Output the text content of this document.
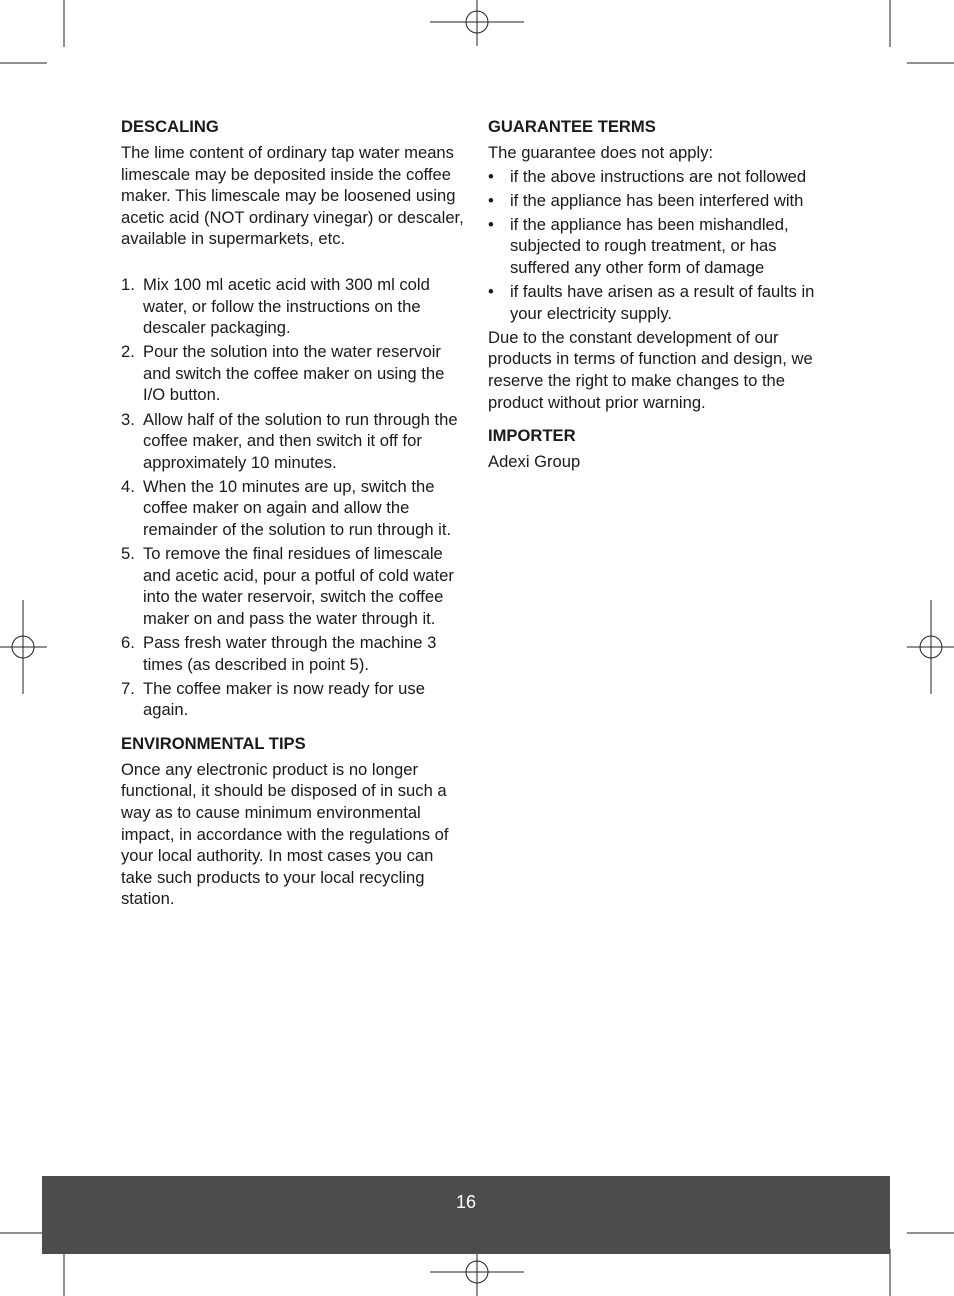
DESCALING

The lime content of ordinary tap water means limescale may be deposited inside the coffee maker. This limescale may be loosened using acetic acid (NOT ordinary vinegar) or descaler, available in supermarkets, etc.

1. Mix 100 ml acetic acid with 300 ml cold water, or follow the instructions on the descaler packaging.
2. Pour the solution into the water reservoir and switch the coffee maker on using the I/O button.
3. Allow half of the solution to run through the coffee maker, and then switch it off for approximately 10 minutes.
4. When the 10 minutes are up, switch the coffee maker on again and allow the remainder of the solution to run through it.
5. To remove the final residues of limescale and acetic acid, pour a potful of cold water into the water reservoir, switch the coffee maker on and pass the water through it.
6. Pass fresh water through the machine 3 times (as described in point 5).
7. The coffee maker is now ready for use again.
ENVIRONMENTAL TIPS

Once any electronic product is no longer functional, it should be disposed of in such a way as to cause minimum environmental impact, in accordance with the regulations of your local authority. In most cases you can take such products to your local recycling station.

GUARANTEE TERMS

The guarantee does not apply:

• if the above instructions are not followed
• if the appliance has been interfered with
• if the appliance has been mishandled, subjected to rough treatment, or has suffered any other form of damage
• if faults have arisen as a result of faults in your electricity supply.

Due to the constant development of our products in terms of function and design, we reserve the right to make changes to the product without prior warning.

IMPORTER

Adexi Group

16
